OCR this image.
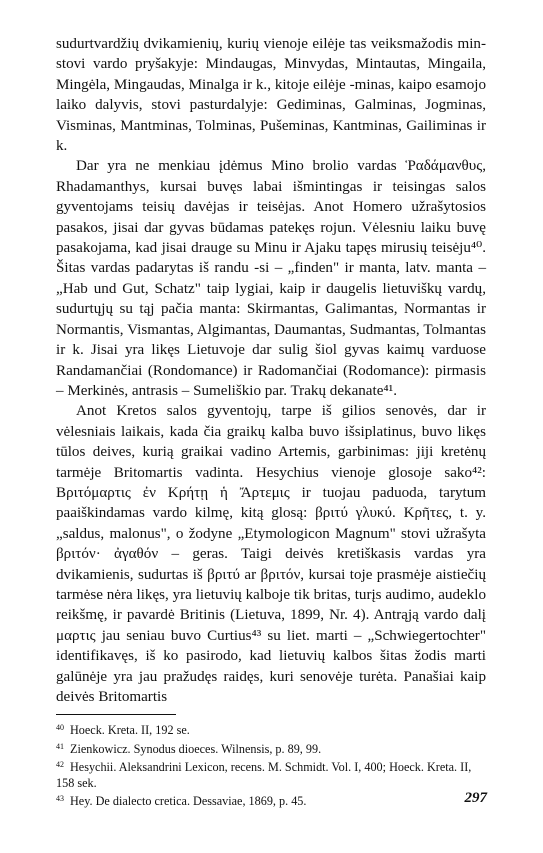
sudurtvardžių dvikamienių, kurių vienoje eilėje tas veiksmažodis min- stovi vardo pryšakyje: Mindaugas, Minvydas, Mintautas, Mingaila, Mingėla, Mingaudas, Minalga ir k., kitoje eilėje -minas, kaipo esamojo laiko dalyvis, stovi pasturdalyje: Gediminas, Galminas, Jogminas, Visminas, Mantminas, Tolminas, Pušeminas, Kantminas, Gailiminas ir k.

Dar yra ne menkiau įdėmus Mino brolio vardas Ῥαδάμανθυς, Rhadamanthys, kursai buvęs labai išmintingas ir teisingas salos gyventojams teisių davėjas ir teisėjas. Anot Homero užrašytosios pasakos, jisai dar gyvas būdamas patekęs rojun. Vėlesniu laiku buvę pasakojama, kad jisai drauge su Minu ir Ajaku tapęs mirusių teisėju⁴⁰. Šitas vardas padarytas iš randu -si – „finden" ir manta, latv. manta – „Hab und Gut, Schatz" taip lygiai, kaip ir daugelis lietuviškų vardų, sudurtųjų su tąj pačia manta: Skirmantas, Galimantas, Normantas ir Normantis, Vismantas, Algimantas, Daumantas, Sudmantas, Tolmantas ir k. Jisai yra likęs Lietuvoje dar sulig šiol gyvas kaimų varduose Randamančiai (Rondomance) ir Radomančiai (Rodomance): pirmasis – Merkinės, antrasis – Sumeliškio par. Trakų dekanate⁴¹.

Anot Kretos salos gyventojų, tarpe iš gilios senovės, dar ir vėlesniais laikais, kada čia graikų kalba buvo išsiplatinus, buvo likęs tūlos deives, kurią graikai vadino Artemis, garbinimas: jiji kretėnų tarmėje Britomartis vadinta. Hesychius vienoje glosoje sako⁴²: Βριτόμαρτις ἐν Κρήτῃ ἡ Ἄρτεμις ir tuojau paduoda, tarytum paaiškindamas vardo kilmę, kitą glosą: βριτύ γλυκύ. Κρῆτες, t. y. „saldus, malonus", o žodyne „Etymologicon Magnum" stovi užrašyta βριτόν· ἀγαθόν – geras. Taigi deivės kretiškasis vardas yra dvikamienis, sudurtas iš βριτύ ar βριτόν, kursai toje prasmėje aistiečių tarmėse nėra likęs, yra lietuvių kalboje tik britas, turįs audimo, audeklo reikšmę, ir pavardė Britinis (Lietuva, 1899, Nr. 4). Antrąją vardo dalį μαρτις jau seniau buvo Curtius⁴³ su liet. marti – „Schwiegertochter" identifikavęs, iš ko pasirodo, kad lietuvių kalbos šitas žodis marti galūnėje yra jau pražudęs raidęs, kuri senovėje turėta. Panašiai kaip deivės Britomartis

$^{40}$ Hoeck. Kreta. II, 192 se.
$^{41}$ Zienkowicz. Synodus dioeces. Wilnensis, p. 89, 99.
$^{42}$ Hesychii. Aleksandrini Lexicon, recens. M. Schmidt. Vol. I, 400; Hoeck. Kreta. II, 158 sek.
$^{43}$ Hey. De dialecto cretica. Dessaviae, 1869, p. 45.	297
